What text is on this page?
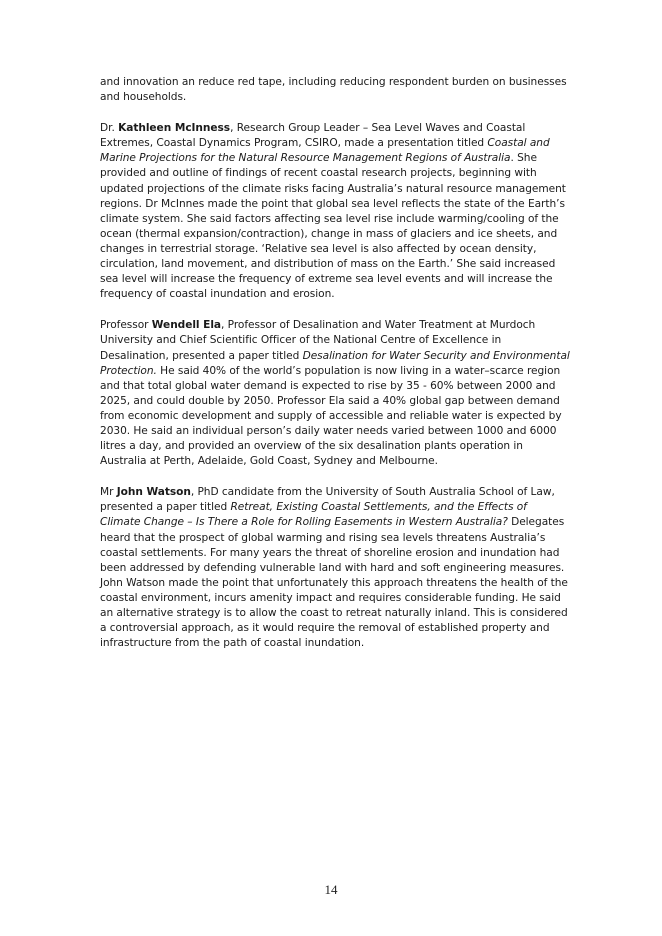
and innovation an reduce red tape, including reducing respondent burden on businesses and households.

Dr. Kathleen McInness, Research Group Leader – Sea Level Waves and Coastal Extremes, Coastal Dynamics Program, CSIRO, made a presentation titled Coastal and Marine Projections for the Natural Resource Management Regions of Australia. She provided and outline of findings of recent coastal research projects, beginning with updated projections of the climate risks facing Australia’s natural resource management regions. Dr McInnes made the point that global sea level reflects the state of the Earth’s climate system. She said factors affecting sea level rise include warming/cooling of the ocean (thermal expansion/contraction), change in mass of glaciers and ice sheets, and changes in terrestrial storage. ‘Relative sea level is also affected by ocean density, circulation, land movement, and distribution of mass on the Earth.’ She said increased sea level will increase the frequency of extreme sea level events and will increase the frequency of coastal inundation and erosion.

Professor Wendell Ela, Professor of Desalination and Water Treatment at Murdoch University and Chief Scientific Officer of the National Centre of Excellence in Desalination, presented a paper titled Desalination for Water Security and Environmental Protection. He said 40% of the world’s population is now living in a water–scarce region and that total global water demand is expected to rise by 35 - 60% between 2000 and 2025, and could double by 2050. Professor Ela said a 40% global gap between demand from economic development and supply of accessible and reliable water is expected by 2030. He said an individual person’s daily water needs varied between 1000 and 6000 litres a day, and provided an overview of the six desalination plants operation in Australia at Perth, Adelaide, Gold Coast, Sydney and Melbourne.

Mr John Watson, PhD candidate from the University of South Australia School of Law, presented a paper titled Retreat, Existing Coastal Settlements, and the Effects of Climate Change – Is There a Role for Rolling Easements in Western Australia? Delegates heard that the prospect of global warming and rising sea levels threatens Australia’s coastal settlements. For many years the threat of shoreline erosion and inundation had been addressed by defending vulnerable land with hard and soft engineering measures. John Watson made the point that unfortunately this approach threatens the health of the coastal environment, incurs amenity impact and requires considerable funding. He said an alternative strategy is to allow the coast to retreat naturally inland. This is considered a controversial approach, as it would require the removal of established property and infrastructure from the path of coastal inundation.

14
